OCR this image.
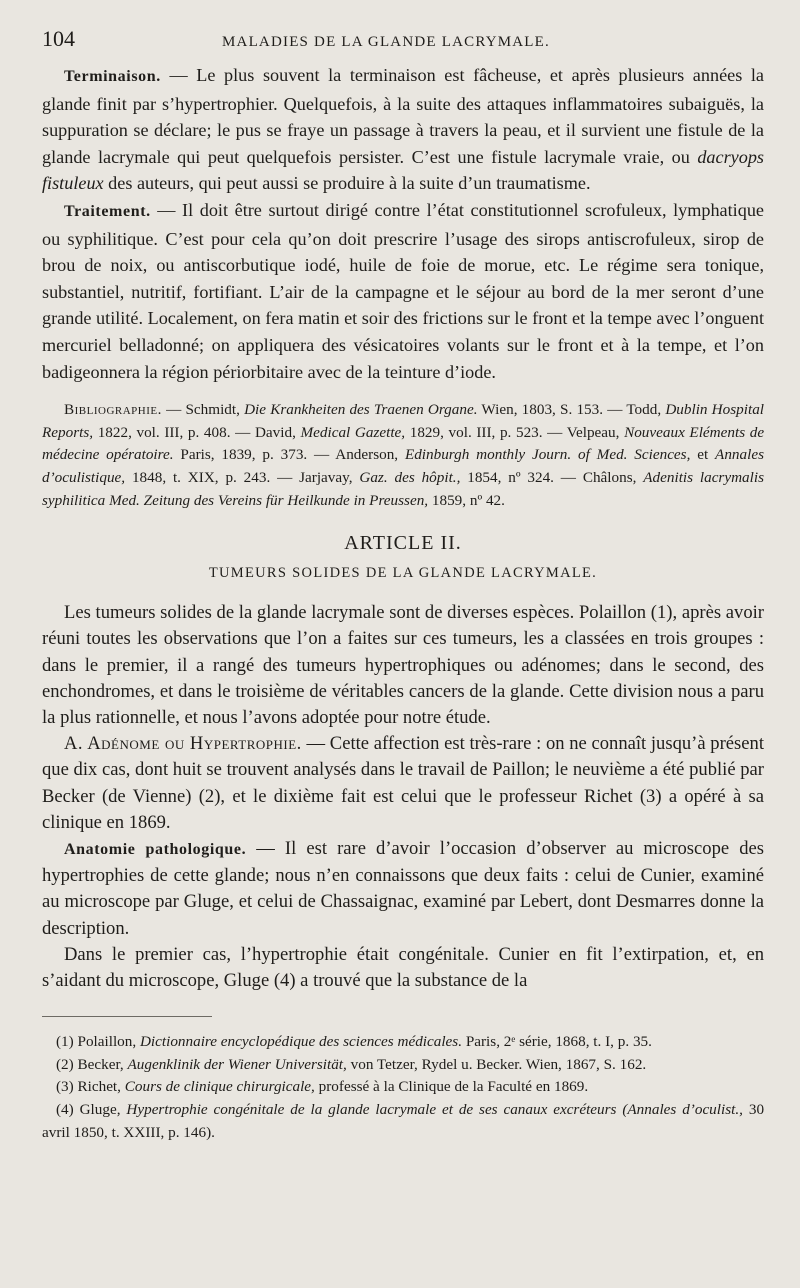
104	MALADIES DE LA GLANDE LACRYMALE.

Terminaison. — Le plus souvent la terminaison est fâcheuse, et après plusieurs années la glande finit par s’hypertrophier. Quelquefois, à la suite des attaques inflammatoires subaiguës, la suppuration se déclare; le pus se fraye un passage à travers la peau, et il survient une fistule de la glande lacrymale qui peut quelquefois persister. C’est une fistule lacrymale vraie, ou dacryops fistuleux des auteurs, qui peut aussi se produire à la suite d’un traumatisme.

Traitement. — Il doit être surtout dirigé contre l’état constitutionnel scrofuleux, lymphatique ou syphilitique. C’est pour cela qu’on doit prescrire l’usage des sirops antiscrofuleux, sirop de brou de noix, ou antiscorbutique iodé, huile de foie de morue, etc. Le régime sera tonique, substantiel, nutritif, fortifiant. L’air de la campagne et le séjour au bord de la mer seront d’une grande utilité. Localement, on fera matin et soir des frictions sur le front et la tempe avec l’onguent mercuriel belladonné; on appliquera des vésicatoires volants sur le front et à la tempe, et l’on badigeonnera la région périorbitaire avec de la teinture d’iode.

Bibliographie. — Schmidt, Die Krankheiten des Traenen Organe. Wien, 1803, S. 153. — Todd, Dublin Hospital Reports, 1822, vol. III, p. 408. — David, Medical Gazette, 1829, vol. III, p. 523. — Velpeau, Nouveaux Eléments de médecine opératoire. Paris, 1839, p. 373. — Anderson, Edinburgh monthly Journ. of Med. Sciences, et Annales d’oculistique, 1848, t. XIX, p. 243. — Jarjavay, Gaz. des hôpit., 1854, nº 324. — Châlons, Adenitis lacrymalis syphilitica Med. Zeitung des Vereins für Heilkunde in Preussen, 1859, nº 42.

ARTICLE II.
TUMEURS SOLIDES DE LA GLANDE LACRYMALE.

Les tumeurs solides de la glande lacrymale sont de diverses espèces. Polaillon (1), après avoir réuni toutes les observations que l’on a faites sur ces tumeurs, les a classées en trois groupes : dans le premier, il a rangé des tumeurs hypertrophiques ou adénomes; dans le second, des enchondromes, et dans le troisième de véritables cancers de la glande. Cette division nous a paru la plus rationnelle, et nous l’avons adoptée pour notre étude.

A. Adénome ou Hypertrophie. — Cette affection est très-rare : on ne connaît jusqu’à présent que dix cas, dont huit se trouvent analysés dans le travail de Paillon; le neuvième a été publié par Becker (de Vienne) (2), et le dixième fait est celui que le professeur Richet (3) a opéré à sa clinique en 1869.

Anatomie pathologique. — Il est rare d’avoir l’occasion d’observer au microscope des hypertrophies de cette glande; nous n’en connaissons que deux faits : celui de Cunier, examiné au microscope par Gluge, et celui de Chassaignac, examiné par Lebert, dont Desmarres donne la description.

Dans le premier cas, l’hypertrophie était congénitale. Cunier en fit l’extirpation, et, en s’aidant du microscope, Gluge (4) a trouvé que la substance de la

(1) Polaillon, Dictionnaire encyclopédique des sciences médicales. Paris, 2ᵉ série, 1868, t. I, p. 35.

(2) Becker, Augenklinik der Wiener Universität, von Tetzer, Rydel u. Becker. Wien, 1867, S. 162.

(3) Richet, Cours de clinique chirurgicale, professé à la Clinique de la Faculté en 1869.

(4) Gluge, Hypertrophie congénitale de la glande lacrymale et de ses canaux excréteurs (Annales d’oculist., 30 avril 1850, t. XXIII, p. 146).
